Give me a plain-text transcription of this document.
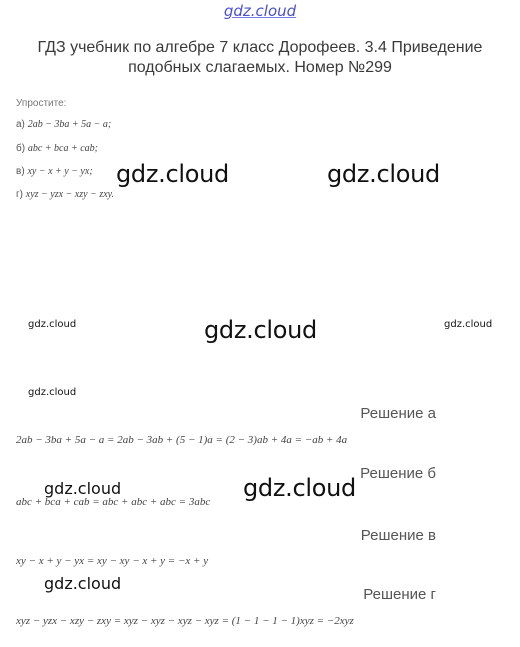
gdz.cloud
ГДЗ учебник по алгебре 7 класс Дорофеев. 3.4 Приведение подобных слагаемых. Номер №299
Упростите:
а) 2ab − 3ba + 5a − a;
б) abc + bca + cab;
в) xy − x + y − yx;
г) xyz − yzx − xzy − zxy.
gdz.cloud	gdz.cloud
gdz.cloud	gdz.cloud	gdz.cloud
gdz.cloud
gdz.cloud	gdz.cloud
gdz.cloud
Решение а
2ab − 3ba + 5a − a = 2ab − 3ab + (5 − 1)a = (2 − 3)ab + 4a = −ab + 4a
Решение б
abc + bca + cab = abc + abc + abc = 3abc
Решение в
xy − x + y − yx = xy − xy − x + y = −x + y
Решение г
xyz − yzx − xzy − zxy = xyz − xyz − xyz − xyz = (1 − 1 − 1 − 1)xyz = −2xyz
